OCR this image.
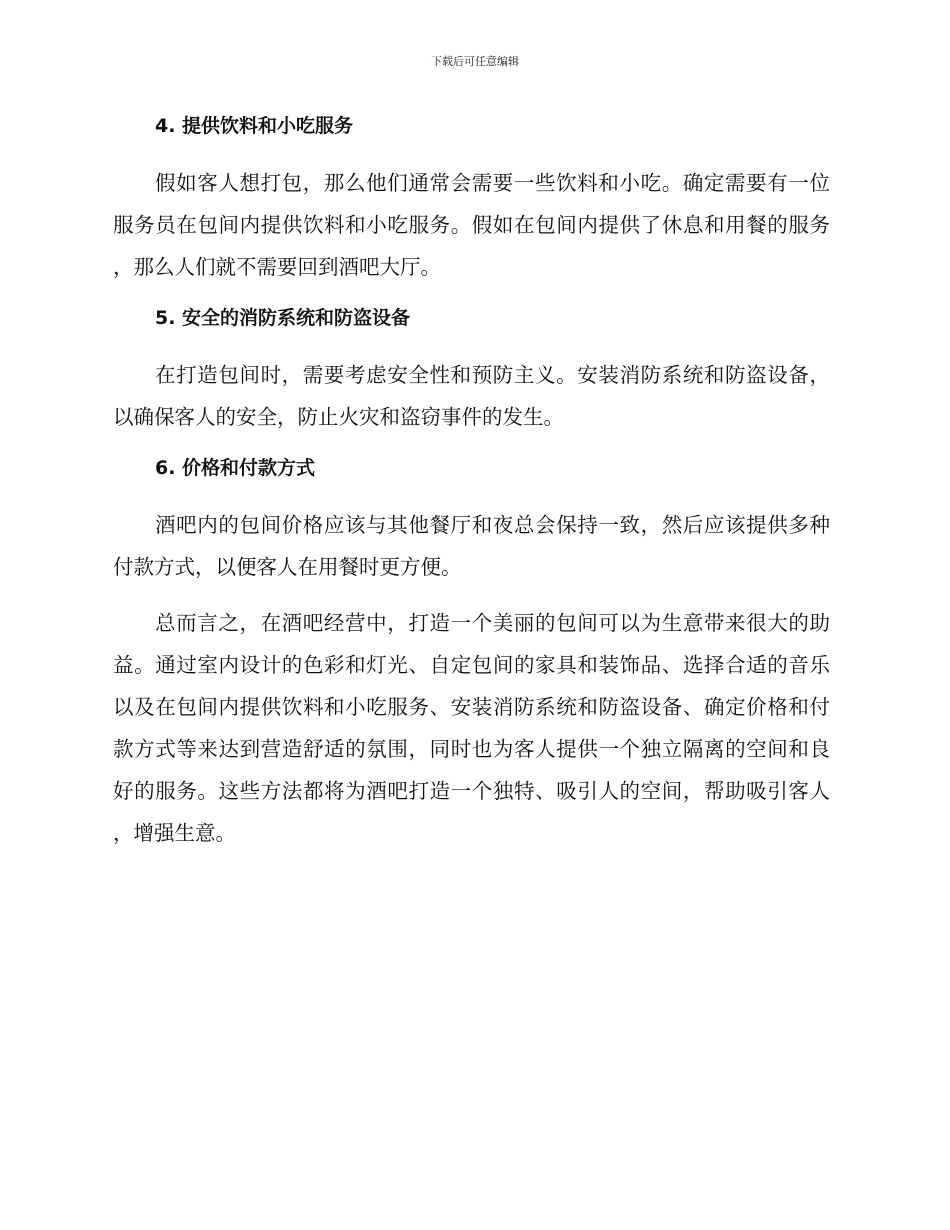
下载后可任意编辑
4. 提供饮料和小吃服务

假如客人想打包，那么他们通常会需要一些饮料和小吃。确定需要有一位服务员在包间内提供饮料和小吃服务。假如在包间内提供了休息和用餐的服务，那么人们就不需要回到酒吧大厅。

5. 安全的消防系统和防盗设备

在打造包间时，需要考虑安全性和预防主义。安装消防系统和防盗设备，以确保客人的安全，防止火灾和盗窃事件的发生。

6. 价格和付款方式

酒吧内的包间价格应该与其他餐厅和夜总会保持一致，然后应该提供多种付款方式，以便客人在用餐时更方便。

总而言之，在酒吧经营中，打造一个美丽的包间可以为生意带来很大的助益。通过室内设计的色彩和灯光、自定包间的家具和装饰品、选择合适的音乐以及在包间内提供饮料和小吃服务、安装消防系统和防盗设备、确定价格和付款方式等来达到营造舒适的氛围，同时也为客人提供一个独立隔离的空间和良好的服务。这些方法都将为酒吧打造一个独特、吸引人的空间，帮助吸引客人，增强生意。
